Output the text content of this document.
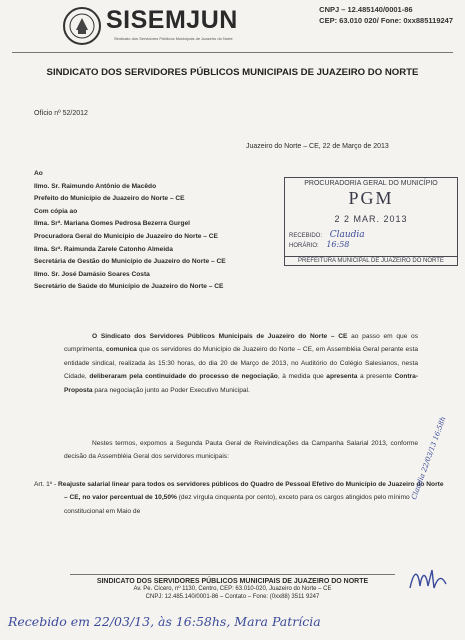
SISEMJUN
Sindicato dos Servidores Públicos Municipais de Juazeiro do Norte
CNPJ – 12.485140/0001-86
CEP: 63.010 020/ Fone: 0xx885119247
SINDICATO DOS SERVIDORES PÚBLICOS MUNICIPAIS DE JUAZEIRO DO NORTE
Ofício nº 52/2012
Juazeiro do Norte – CE, 22 de Março de 2013

Ao

Ilmo. Sr. Raimundo Antônio de Macêdo

Prefeito do Município de Juazeiro do Norte – CE

Com cópia ao

Ilma. Srª. Mariana Gomes Pedrosa Bezerra Gurgel

Procuradora Geral do Município de Juazeiro do Norte – CE

Ilma. Srª. Raimunda Zarele Catonho Almeida

Secretária de Gestão do Município de Juazeiro do Norte – CE

Ilmo. Sr. José Damásio Soares Costa

Secretário de Saúde do Município de Juazeiro do Norte – CE

PROCURADORIA GERAL DO MUNICÍPIO
PGM
2 2 MAR. 2013
RECEBIDO: Claudia
HORÁRIO: 16:58
PREFEITURA MUNICIPAL DE JUAZEIRO DO NORTE
O Sindicato dos Servidores Públicos Municipais de Juazeiro do Norte – CE ao passo em que os cumprimenta, comunica que os servidores do Município de Juazeiro do Norte – CE, em Assembléia Geral perante esta entidade sindical, realizada às 15:30 horas, do dia 20 de Março de 2013, no Auditório do Colégio Salesianos, nesta Cidade, deliberaram pela continuidade do processo de negociação, à medida que apresenta a presente Contra-Proposta para negociação junto ao Poder Executivo Municipal.
Nestes termos, expomos a Segunda Pauta Geral de Reivindicações da Campanha Salarial 2013, conforme decisão da Assembléia Geral dos servidores municipais:
Art. 1º - Reajuste salarial linear para todos os servidores públicos do Quadro de Pessoal Efetivo do Município de Juazeiro do Norte – CE, no valor percentual de 10,50% (dez vírgula cinquenta por cento), exceto para os cargos atingidos pelo mínimo constitucional em Maio de
Claudia 22/03/13 16:58h
SINDICATO DOS SERVIDORES PÚBLICOS MUNICIPAIS DE JUAZEIRO DO NORTE
Av. Pe. Cícero, nº 1130, Centro, CEP: 63.010-020, Juazeiro do Norte – CE
CNPJ: 12.485.140/0001-86 – Contato – Fone: (0xx88) 3511 9247
Recebido em 22/03/13, às 16:58hs, Mara Patrícia
